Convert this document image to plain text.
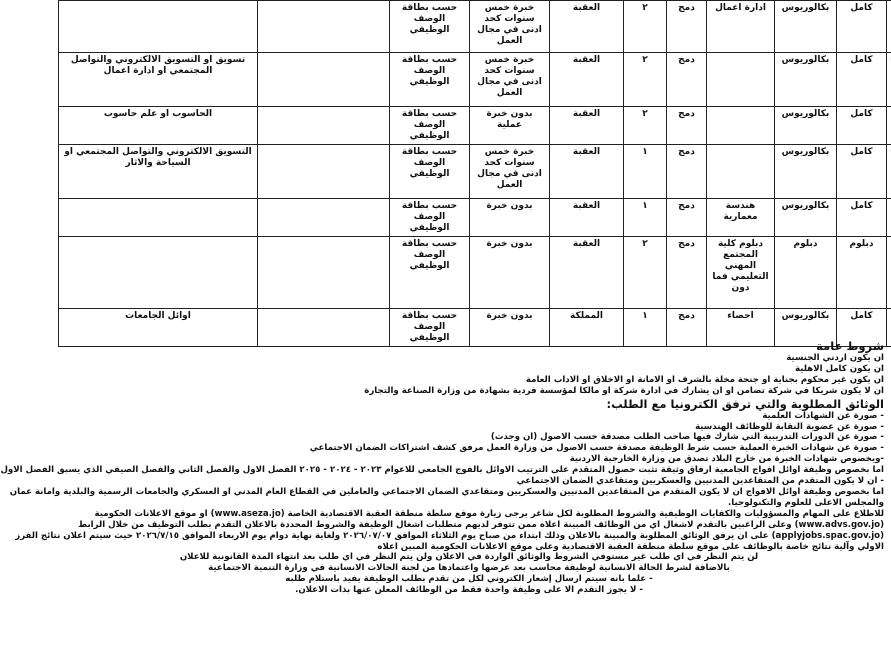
		كامل	بكالوريوس	ادارة اعمال	دمج	٢	العقبة	خبرة خمس سنوات كحد ادنى في مجال العمل	حسب بطاقة الوصف الوظيفي		
		كامل	بكالوريوس		دمج	٢	العقبة	خبرة خمس سنوات كحد ادنى في مجال العمل	حسب بطاقة الوصف الوظيفي		تسويق او التسويق الالكتروني والتواصل المجتمعي او ادارة اعمال
		كامل	بكالوريوس		دمج	٢	العقبة	بدون خبرة عملية	حسب بطاقة الوصف الوظيفي		الحاسوب او علم حاسوب
		كامل	بكالوريوس		دمج	١	العقبة	خبرة خمس سنوات كحد ادنى في مجال العمل	حسب بطاقة الوصف الوظيفي		التسويق الالكتروني والتواصل المجتمعي او السياحة والاثار
		كامل	بكالوريوس	هندسة معمارية	دمج	١	العقبة	بدون خبرة	حسب بطاقة الوصف الوظيفي		
		دبلوم	دبلوم	دبلوم كلية المجتمع المهني التعليمي فما دون	دمج	٢	العقبة	بدون خبرة	حسب بطاقة الوصف الوظيفي		
		كامل	بكالوريوس	احصاء	دمج	١	المملكة	بدون خبرة	حسب بطاقة الوصف الوظيفي		اوائل الجامعات
شروط عامة
ان يكون اردني الجنسية
ان يكون كامل الاهلية
ان يكون غير محكوم بجناية او جنحة مخلة بالشرف او الامانة او الاخلاق او الاداب العامة
ان لا يكون شريكا في شركة تضامن او ان يشارك في ادارة شركة او مالكا لمؤسسة فردية بشهادة من وزارة الصناعة والتجارة
الوثائق المطلوبة والتي ترفق الكترونيا مع الطلب:
- صورة عن الشهادات العلمية
- صورة عن عضوية النقابة للوظائف الهندسية
- صورة عن الدورات التدريبية التي شارك فيها صاحب الطلب مصدقة حسب الاصول (ان وجدت)
- صورة عن شهادات الخبرة العملية حسب شرط الوظيفة مصدقة حسب الاصول من وزارة العمل مرفق كشف اشتراكات الضمان الاجتماعي
-ويخصوص شهادات الخبرة من خارج البلاد تصدق من وزارة الخارجية الاردنية
اما بخصوص وظيفة اوائل افواج الجامعية ارفاق وثيقة تثبت حصول المتقدم على الترتيب الاوائل بالفوج الجامعي للاعوام ٢٠٢٣ - ٢٠٢٤ - ٢٠٢٥ الفصل الاول والفصل الثاني والفصل الصيفي الذي يسبق الفصل الاول
- ان لا يكون المتقدم من المتقاعدين المدنيين والعسكريين ومتقاعدي الضمان الاجتماعي
اما بخصوص وظيفة اوائل الافواج ان لا يكون المتقدم من المتقاعدين المدنيين والعسكريين ومتقاعدي الضمان الاجتماعي والعاملين في القطاع العام المدني او العسكري والجامعات الرسمية والبلدية وامانة عمان
والمجلس الاعلى للعلوم والتكنولوجيا.
للاطلاع على المهام والمسؤوليات والكفايات الوظيفية والشروط المطلوبة لكل شاغر يرجى زيارة موقع سلطة منطقة العقبة الاقتصادية الخاصة (www.aseza.jo) او موقع الاعلانات الحكومية
(www.advs.gov.jo) وعلى الراغبين بالتقدم لاشغال اي من الوظائف المبينة اعلاه ممن تتوفر لديهم متطلبات اشغال الوظيفة والشروط المحددة بالاعلان التقدم بطلب التوظيف من خلال الرابط
(applyjobs.spac.gov.jo) على ان يرفق الوثائق المطلوبة والمبينة بالاعلان وذلك ابتداء من صباح يوم الثلاثاء الموافق ٢٠٢٦/٠٧/٠٧ ولغاية نهاية دوام يوم الاربعاء الموافق ٢٠٢٦/٧/١٥ حيث سيتم اعلان نتائج الفرز
الاولي وآلية نتائج خاصة بالوظائف على موقع سلطة منطقة العقبة الاقتصادية وعلى موقع الاعلانات الحكومية المبين اعلاه
لن يتم النظر في اي طلب غير مستوفي الشروط والوثائق الواردة في الاعلان ولن يتم النظر في اي طلب بعد انتهاء المدة القانونية للاعلان
بالاضافة لشرط الحالة الانسانية لوظيفة محاسب بعد عرضها واعتمادها من لجنة الحالات الانسانية في وزارة التنمية الاجتماعية
- علما بانه سيتم ارسال إشعار الكتروني لكل من تقدم بطلب الوظيفة يفيد باستلام طلبه
- لا يجوز التقدم الا على وظيفة واحدة فقط من الوظائف المعلن عنها بذات الاعلان.
